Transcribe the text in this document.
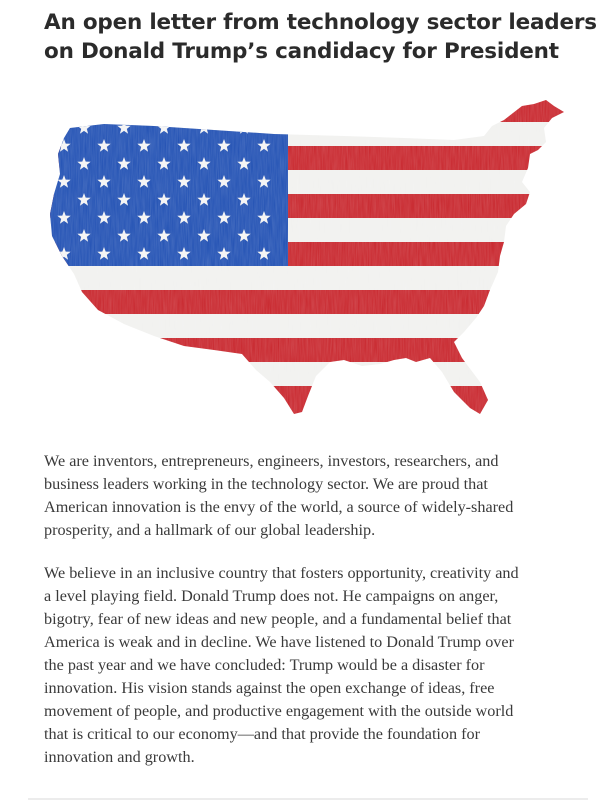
An open letter from technology sector leaders
on Donald Trump’s candidacy for President

We are inventors, entrepreneurs, engineers, investors, researchers, and
business leaders working in the technology sector. We are proud that
American innovation is the envy of the world, a source of widely-shared
prosperity, and a hallmark of our global leadership.

We believe in an inclusive country that fosters opportunity, creativity and
a level playing field. Donald Trump does not. He campaigns on anger,
bigotry, fear of new ideas and new people, and a fundamental belief that
America is weak and in decline. We have listened to Donald Trump over
the past year and we have concluded: Trump would be a disaster for
innovation. His vision stands against the open exchange of ideas, free
movement of people, and productive engagement with the outside world
that is critical to our economy—and that provide the foundation for
innovation and growth.
